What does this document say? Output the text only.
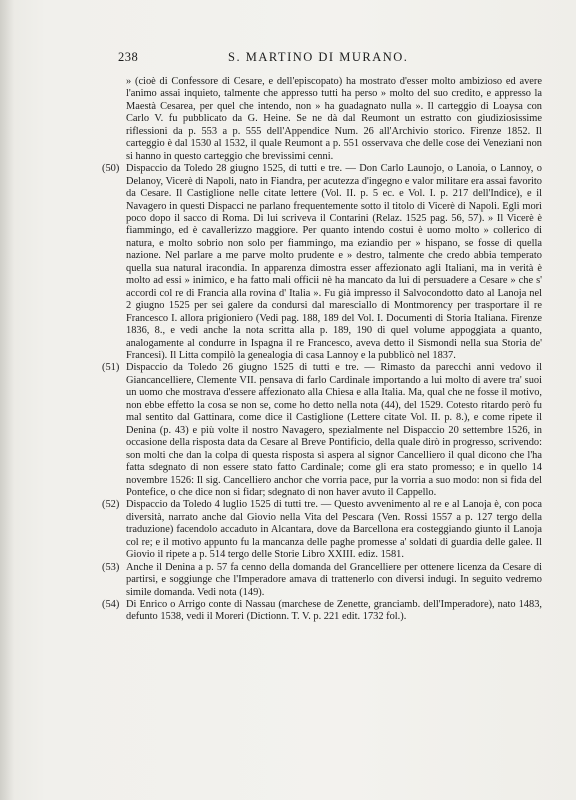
238	S. MARTINO DI MURANO.

» (cioè di Confessore di Cesare, e dell'episcopato) ha mostrato d'esser molto ambizioso ed avere l'animo assai inquieto, talmente che appresso tutti ha perso » molto del suo credito, e appresso la Maestà Cesarea, per quel che intendo, non » ha guadagnato nulla ». Il carteggio di Loaysa con Carlo V. fu pubblicato da G. Heine. Se ne dà dal Reumont un estratto con giudiziosissime riflessioni da p. 553 a p. 555 dell'Appendice Num. 26 all'Archivio storico. Firenze 1852. Il carteggio è dal 1530 al 1532, il quale Reumont a p. 551 osservava che delle cose dei Veneziani non si hanno in questo carteggio che brevissimi cenni.

(50) Dispaccio da Toledo 28 giugno 1525, di tutti e tre. — Don Carlo Launojo, o Lanoia, o Lannoy, o Delanoy, Vicerè di Napoli, nato in Fiandra, per acutezza d'ingegno e valor militare era assai favorito da Cesare. Il Castiglione nelle citate lettere (Vol. II. p. 5 ec. e Vol. I. p. 217 dell'Indice), e il Navagero in questi Dispacci ne parlano frequentemente sotto il titolo di Vicerè di Napoli. Egli morì poco dopo il sacco di Roma. Di lui scriveva il Contarini (Relaz. 1525 pag. 56, 57). » Il Vicerè è fiammingo, ed è cavallerizzo maggiore. Per quanto intendo costui è uomo molto » collerico di natura, e molto sobrio non solo per fiammingo, ma eziandio per » hispano, se fosse di quella nazione. Nel parlare a me parve molto prudente e » destro, talmente che credo abbia temperato quella sua natural iracondia. In apparenza dimostra esser affezionato agli Italiani, ma in verità è molto ad essi » inimico, e ha fatto mali officii nè ha mancato da lui di persuadere a Cesare » che s' accordi col re di Francia alla rovina d' Italia ». Fu già impresso il Salvocondotto dato al Lanoja nel 2 giugno 1525 per sei galere da condursi dal maresciallo di Montmorency per trasportare il re Francesco I. allora prigioniero (Vedi pag. 188, 189 del Vol. I. Documenti di Storia Italiana. Firenze 1836, 8., e vedi anche la nota scritta alla p. 189, 190 di quel volume appoggiata a quanto, analogamente al condurre in Ispagna il re Francesco, aveva detto il Sismondi nella sua Storia de' Francesi). Il Litta compilò la genealogia di casa Lannoy e la pubblicò nel 1837.

(51) Dispaccio da Toledo 26 giugno 1525 di tutti e tre. — Rimasto da parecchi anni vedovo il Giancancelliere, Clemente VII. pensava di farlo Cardinale importando a lui molto di avere tra' suoi un uomo che mostrava d'essere affezionato alla Chiesa e alla Italia. Ma, qual che ne fosse il motivo, non ebbe effetto la cosa se non se, come ho detto nella nota (44), del 1529. Cotesto ritardo però fu mal sentito dal Gattinara, come dice il Castiglione (Lettere citate Vol. II. p. 8.), e come ripete il Denina (p. 43) e più volte il nostro Navagero, spezialmente nel Dispaccio 20 settembre 1526, in occasione della risposta data da Cesare al Breve Pontificio, della quale dirò in progresso, scrivendo: son molti che dan la colpa di questa risposta sì aspera al signor Cancelliero il qual dicono che l'ha fatta sdegnato di non essere stato fatto Cardinale; come gli era stato promesso; e in quello 14 novembre 1526: Il sig. Cancelliero anchor che vorria pace, pur la vorria a suo modo: non si fida del Pontefice, o che dice non si fidar; sdegnato di non haver avuto il Cappello.

(52) Dispaccio da Toledo 4 luglio 1525 di tutti tre. — Questo avvenimento al re e al Lanoja è, con poca diversità, narrato anche dal Giovio nella Vita del Pescara (Ven. Rossi 1557 a p. 127 tergo della traduzione) facendolo accaduto in Alcantara, dove da Barcellona era costeggiando giunto il Lanoja col re; e il motivo appunto fu la mancanza delle paghe promesse a' soldati di guardia delle galee. Il Giovio il ripete a p. 514 tergo delle Storie Libro XXIII. ediz. 1581.

(53) Anche il Denina a p. 57 fa cenno della domanda del Grancelliere per ottenere licenza da Cesare di partirsi, e soggiunge che l'Imperadore amava di trattenerlo con diversi indugi. In seguito vedremo simile domanda. Vedi nota (149).

(54) Di Enrico o Arrigo conte di Nassau (marchese de Zenette, granciamb. dell'Imperadore), nato 1483, defunto 1538, vedi il Moreri (Dictionn. T. V. p. 221 edit. 1732 fol.).
